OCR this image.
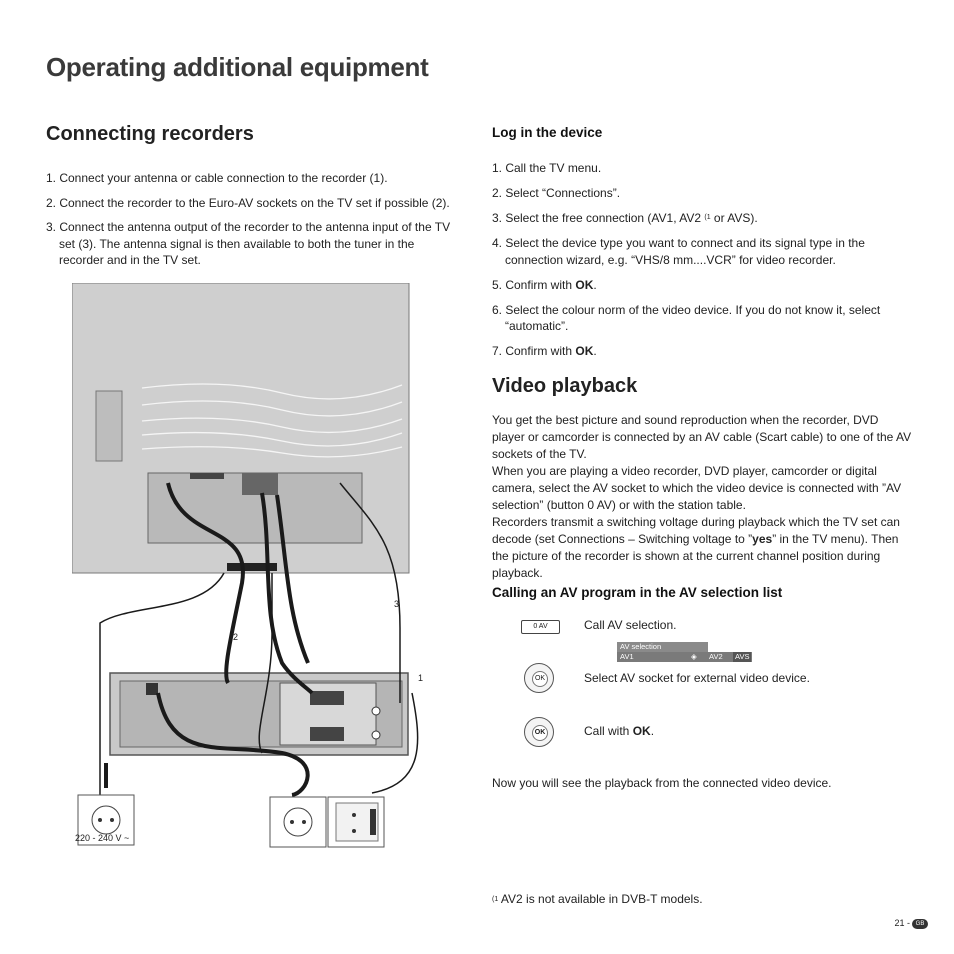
Operating additional equipment
Connecting recorders
1. Connect your antenna or cable connection to the recorder (1).
2. Connect the recorder to the Euro-AV sockets on the TV set if possible (2).
3. Connect the antenna output of the recorder to the antenna input of the TV set (3). The antenna signal is then available to both the tuner in the recorder and in the TV set.
3
2
1
220 - 240 V ~
Log in the device
1. Call the TV menu.
2. Select “Connections”.
3. Select the free connection (AV1, AV2 $^{(1}$ or AVS).
4. Select the device type you want to connect and its signal type in the connection wizard, e.g. “VHS/8 mm....VCR” for video recorder.
5. Confirm with OK.
6. Select the colour norm of the video device. If you do not know it, select “automatic”.
7. Confirm with OK.
Video playback

You get the best picture and sound reproduction when the recorder, DVD player or camcorder is connected by an AV cable (Scart cable) to one of the AV sockets of the TV.

When you are playing a video recorder, DVD player, camcorder or digital camera, select the AV socket to which the video device is connected with ”AV selection” (button 0 AV) or with the station table.

Recorders transmit a switching voltage during playback which the TV set can decode (set Connections – Switching voltage to ”yes” in the TV menu). Then the picture of the recorder is shown at the current channel position during playback.

Calling an AV program in the AV selection list
0 AV	Call AV selection.
AV selection
AV1	◈ AV2 AVS
OK	Select AV socket for external video device.
OK	Call with OK.

Now you will see the playback from the connected video device.

$^{(1}$ AV2 is not available in DVB-T models.

21 - GB
